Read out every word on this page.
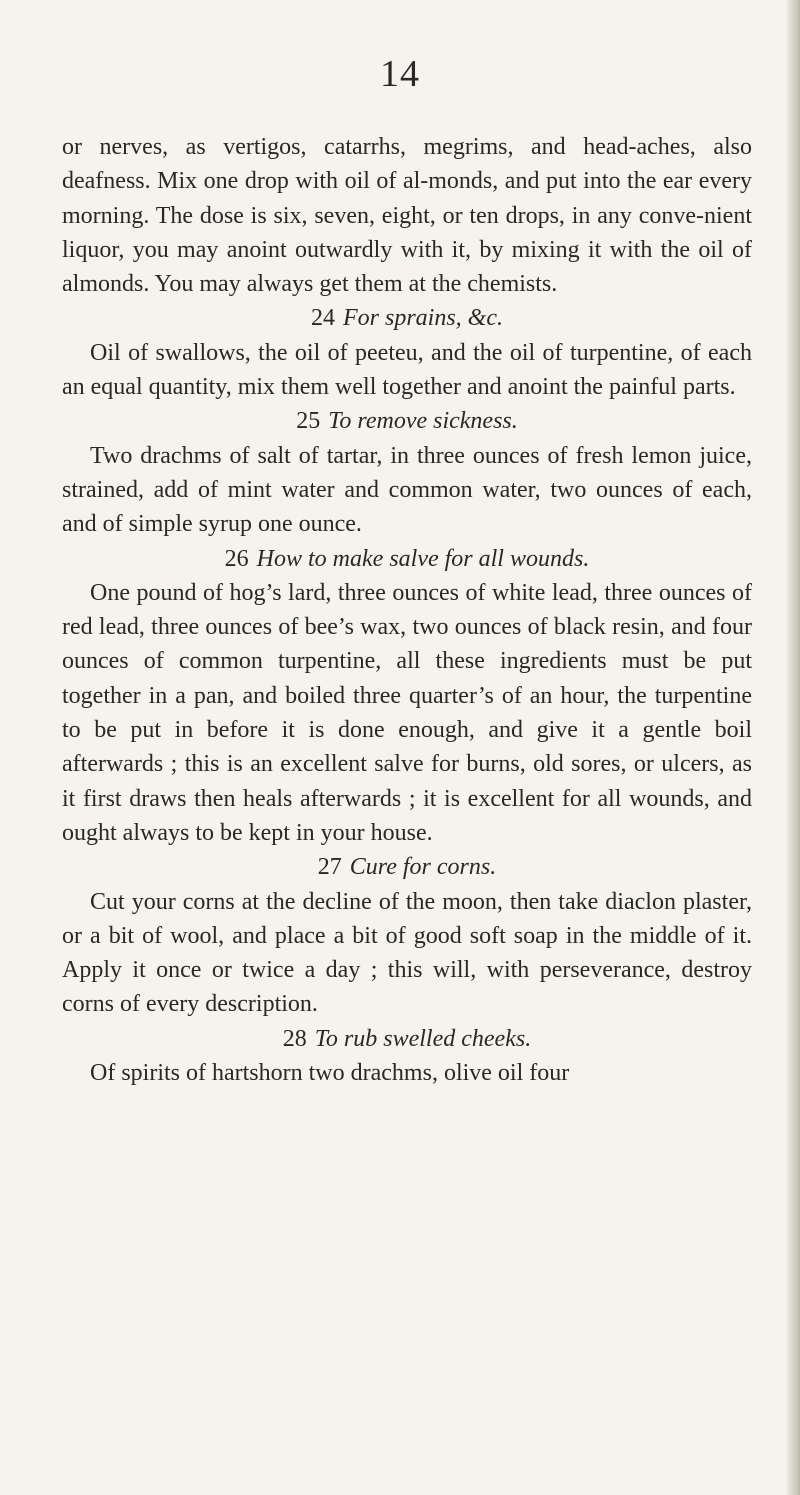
14

or nerves, as vertigos, catarrhs, megrims, and head-aches, also deafness. Mix one drop with oil of al-monds, and put into the ear every morning. The dose is six, seven, eight, or ten drops, in any conve-nient liquor, you may anoint outwardly with it, by mixing it with the oil of almonds. You may always get them at the chemists.

24 For sprains, &c.

Oil of swallows, the oil of peeteu, and the oil of turpentine, of each an equal quantity, mix them well together and anoint the painful parts.

25 To remove sickness.

Two drachms of salt of tartar, in three ounces of fresh lemon juice, strained, add of mint water and common water, two ounces of each, and of simple syrup one ounce.

26 How to make salve for all wounds.

One pound of hog’s lard, three ounces of white lead, three ounces of red lead, three ounces of bee’s wax, two ounces of black resin, and four ounces of common turpentine, all these ingredients must be put together in a pan, and boiled three quarter’s of an hour, the turpentine to be put in before it is done enough, and give it a gentle boil afterwards ; this is an excellent salve for burns, old sores, or ulcers, as it first draws then heals afterwards ; it is excellent for all wounds, and ought always to be kept in your house.

27 Cure for corns.

Cut your corns at the decline of the moon, then take diaclon plaster, or a bit of wool, and place a bit of good soft soap in the middle of it. Apply it once or twice a day ; this will, with perseverance, destroy corns of every description.

28 To rub swelled cheeks.

Of spirits of hartshorn two drachms, olive oil four
